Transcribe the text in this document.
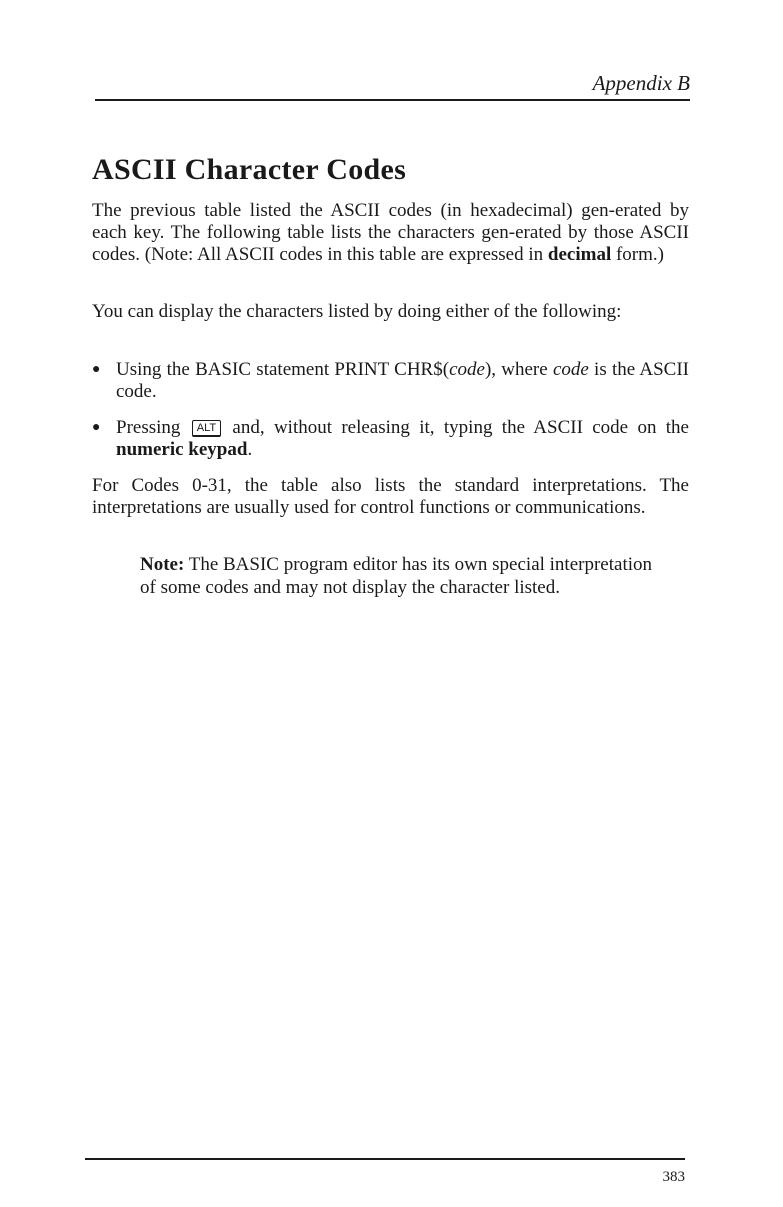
Appendix B
ASCII Character Codes

The previous table listed the ASCII codes (in hexadecimal) gen-erated by each key. The following table lists the characters gen-erated by those ASCII codes. (Note: All ASCII codes in this table are expressed in decimal form.)

You can display the characters listed by doing either of the following:

● Using the BASIC statement PRINT CHR$(code), where code is the ASCII code.
● Pressing ALT and, without releasing it, typing the ASCII code on the numeric keypad.

For Codes 0-31, the table also lists the standard interpretations. The interpretations are usually used for control functions or communications.

Note: The BASIC program editor has its own special interpretation of some codes and may not display the character listed.

383
